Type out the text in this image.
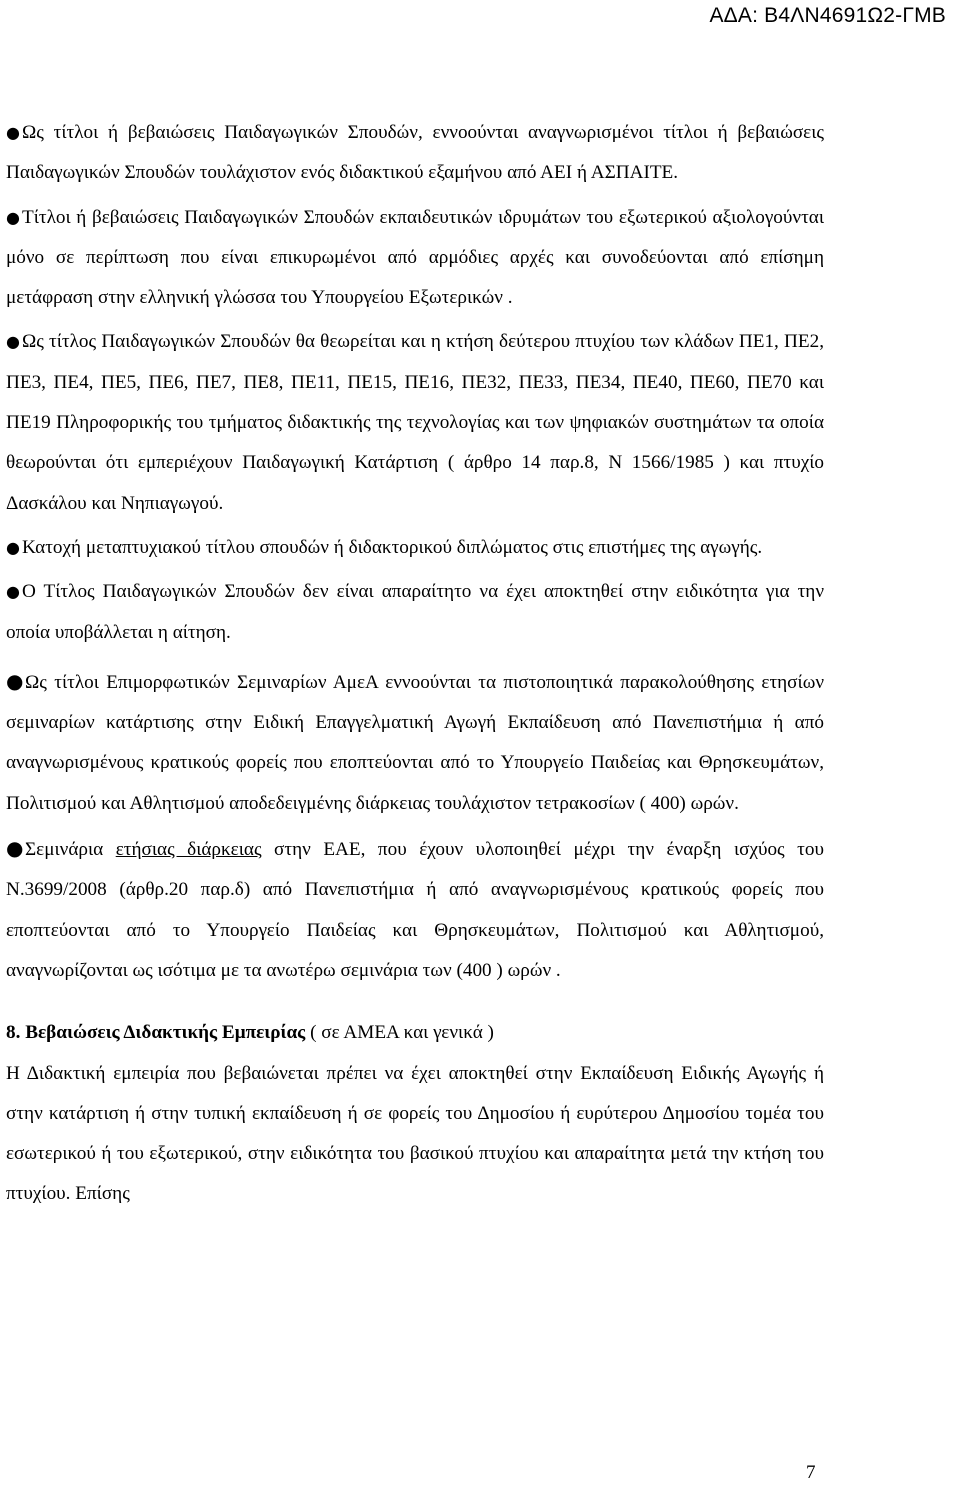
ΑΔΑ: Β4ΛΝ4691Ω2-ΓΜΒ

● Ως τίτλοι ή βεβαιώσεις Παιδαγωγικών Σπουδών, εννοούνται αναγνωρισμένοι τίτλοι ή βεβαιώσεις Παιδαγωγικών Σπουδών τουλάχιστον ενός διδακτικού εξαμήνου από ΑΕΙ ή ΑΣΠΑΙΤΕ.

● Τίτλοι ή βεβαιώσεις Παιδαγωγικών Σπουδών εκπαιδευτικών ιδρυμάτων του εξωτερικού αξιολογούνται μόνο σε περίπτωση που είναι επικυρωμένοι από αρμόδιες αρχές και συνοδεύονται από επίσημη μετάφραση στην ελληνική γλώσσα του Υπουργείου Εξωτερικών .

● Ως τίτλος Παιδαγωγικών Σπουδών θα θεωρείται και η κτήση δεύτερου πτυχίου των κλάδων ΠΕ1, ΠΕ2, ΠΕ3, ΠΕ4, ΠΕ5, ΠΕ6, ΠΕ7, ΠΕ8, ΠΕ11, ΠΕ15, ΠΕ16, ΠΕ32, ΠΕ33, ΠΕ34, ΠΕ40, ΠΕ60, ΠΕ70 και ΠΕ19 Πληροφορικής του τμήματος διδακτικής της τεχνολογίας και των ψηφιακών συστημάτων τα οποία θεωρούνται ότι εμπεριέχουν Παιδαγωγική Κατάρτιση ( άρθρο 14 παρ.8, Ν 1566/1985 ) και πτυχίο Δασκάλου και Νηπιαγωγού.

● Κατοχή μεταπτυχιακού τίτλου σπουδών ή διδακτορικού διπλώματος στις επιστήμες της αγωγής.

● Ο Τίτλος Παιδαγωγικών Σπουδών δεν είναι απαραίτητο να έχει αποκτηθεί στην ειδικότητα για την οποία υποβάλλεται η αίτηση.

●Ως τίτλοι Επιμορφωτικών Σεμιναρίων ΑμεΑ εννοούνται τα πιστοποιητικά παρακολούθησης ετησίων σεμιναρίων κατάρτισης στην Ειδική Επαγγελματική Αγωγή Εκπαίδευση από Πανεπιστήμια ή από αναγνωρισμένους κρατικούς φορείς που εποπτεύονται από το Υπουργείο Παιδείας και Θρησκευμάτων, Πολιτισμού και Αθλητισμού αποδεδειγμένης διάρκειας τουλάχιστον τετρακοσίων ( 400) ωρών.

●Σεμινάρια ετήσιας διάρκειας στην ΕΑΕ, που έχουν υλοποιηθεί μέχρι την έναρξη ισχύος του Ν.3699/2008 (άρθρ.20 παρ.δ) από Πανεπιστήμια ή από αναγνωρισμένους κρατικούς φορείς που εποπτεύονται από το Υπουργείο Παιδείας και Θρησκευμάτων, Πολιτισμού και Αθλητισμού, αναγνωρίζονται ως ισότιμα με τα ανωτέρω σεμινάρια των (400 ) ωρών .

8. Βεβαιώσεις Διδακτικής Εμπειρίας ( σε ΑΜΕΑ και γενικά )

Η Διδακτική εμπειρία που βεβαιώνεται πρέπει να έχει αποκτηθεί στην Εκπαίδευση Ειδικής Αγωγής ή στην κατάρτιση ή στην τυπική εκπαίδευση ή σε φορείς του Δημοσίου ή ευρύτερου Δημοσίου τομέα του εσωτερικού ή του εξωτερικού, στην ειδικότητα του βασικού πτυχίου και απαραίτητα μετά την κτήση του πτυχίου. Επίσης

7
